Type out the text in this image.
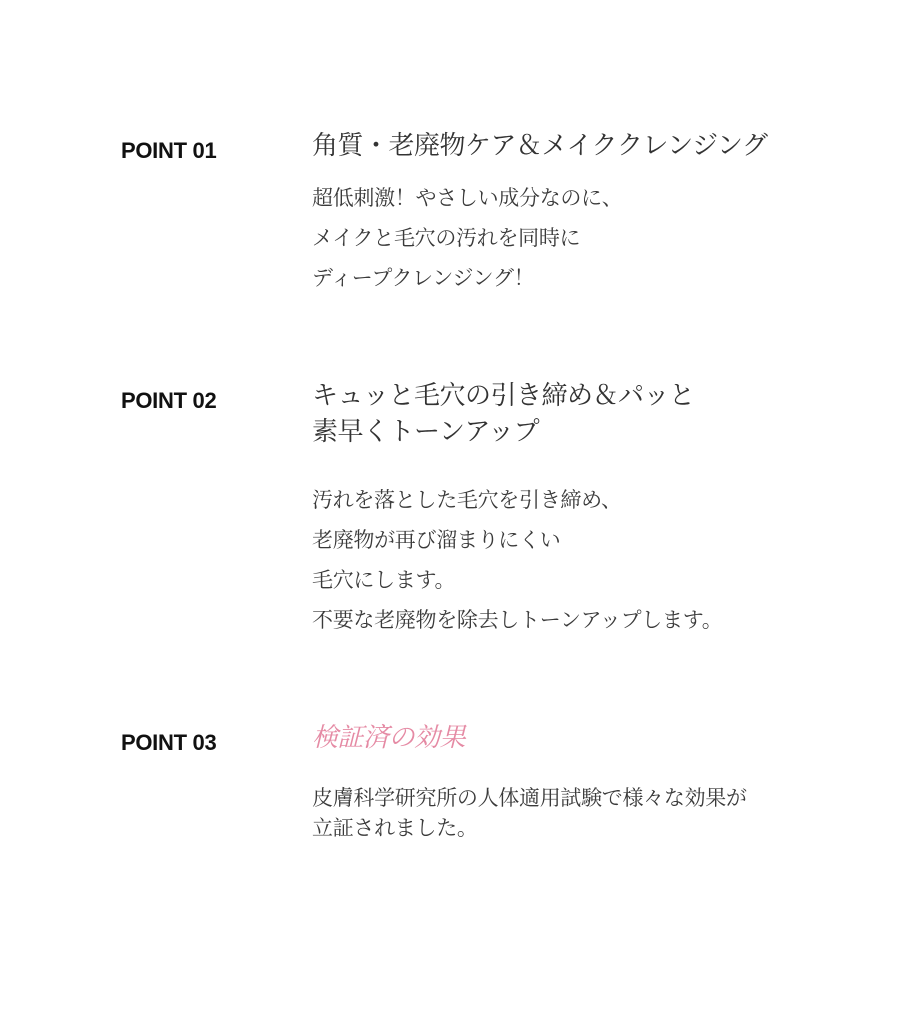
POINT 01	角質・老廃物ケア＆メイククレンジング

超低刺激！やさしい成分なのに、
メイクと毛穴の汚れを同時に
ディープクレンジング！

POINT 02	キュッと毛穴の引き締め＆パッと
素早くトーンアップ

汚れを落とした毛穴を引き締め、
老廃物が再び溜まりにくい
毛穴にします。
不要な老廃物を除去しトーンアップします。

POINT 03	検証済の効果

皮膚科学研究所の人体適用試験で様々な効果が
立証されました。
